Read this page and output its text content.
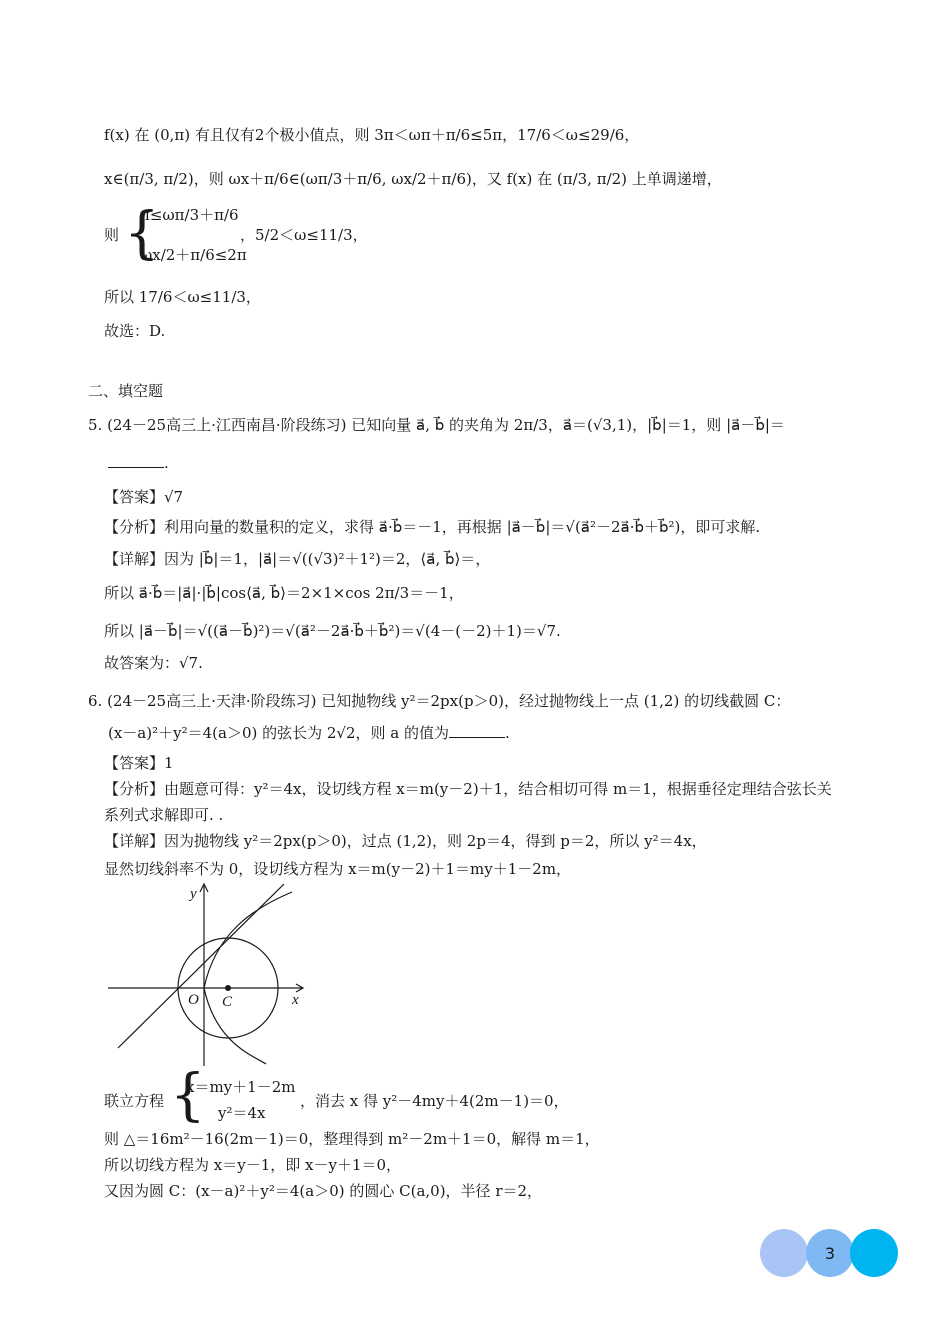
f(x) 在 (0,π) 有且仅有2个极小值点，则 3π＜ωπ＋π/6≤5π，17/6＜ω≤29/6，
x∈(π/3, π/2)，则 ωx＋π/6∈(ωπ/3＋π/6, ωx/2＋π/6)，又 f(x) 在 (π/3, π/2) 上单调递增，
则 {
π≤ωπ/3＋π/6
ωx/2＋π/6≤2π
，5/2＜ω≤11/3，
所以 17/6＜ω≤11/3，
故选：D.
二、填空题
5. (24－25高三上·江西南昌·阶段练习) 已知向量 a⃗, b⃗ 的夹角为 2π/3，a⃗＝(√3,1)，|b⃗|＝1，则 |a⃗－b⃗|＝
.
【答案】√7
【分析】利用向量的数量积的定义，求得 a⃗·b⃗＝－1，再根据 |a⃗－b⃗|＝√(a⃗²－2a⃗·b⃗＋b⃗²)，即可求解.
【详解】因为 |b⃗|＝1，|a⃗|＝√((√3)²＋1²)＝2，⟨a⃗, b⃗⟩＝，
所以 a⃗·b⃗＝|a⃗|·|b⃗|cos⟨a⃗, b⃗⟩＝2×1×cos 2π/3＝－1，
所以 |a⃗－b⃗|＝√((a⃗－b⃗)²)＝√(a⃗²－2a⃗·b⃗＋b⃗²)＝√(4－(－2)＋1)＝√7.
故答案为：√7.
6. (24－25高三上·天津·阶段练习) 已知抛物线 y²＝2px(p＞0)，经过抛物线上一点 (1,2) 的切线截圆 C：
(x－a)²＋y²＝4(a＞0) 的弦长为 2√2，则 a 的值为	.
【答案】1
【分析】由题意可得：y²＝4x，设切线方程 x＝m(y－2)＋1，结合相切可得 m＝1，根据垂径定理结合弦长关
系列式求解即可. .
【详解】因为抛物线 y²＝2px(p＞0)，过点 (1,2)，则 2p＝4，得到 p＝2，所以 y²＝4x，
显然切线斜率不为 0，设切线方程为 x＝m(y－2)＋1＝my＋1－2m，
y
x
O C
联立方程 {
x＝my＋1－2m
y²＝4x
，消去 x 得 y²－4my＋4(2m－1)＝0，
则 △＝16m²－16(2m－1)＝0，整理得到 m²－2m＋1＝0，解得 m＝1，
所以切线方程为 x＝y－1，即 x－y＋1＝0，
又因为圆 C：(x－a)²＋y²＝4(a＞0) 的圆心 C(a,0)，半径 r＝2，
3
